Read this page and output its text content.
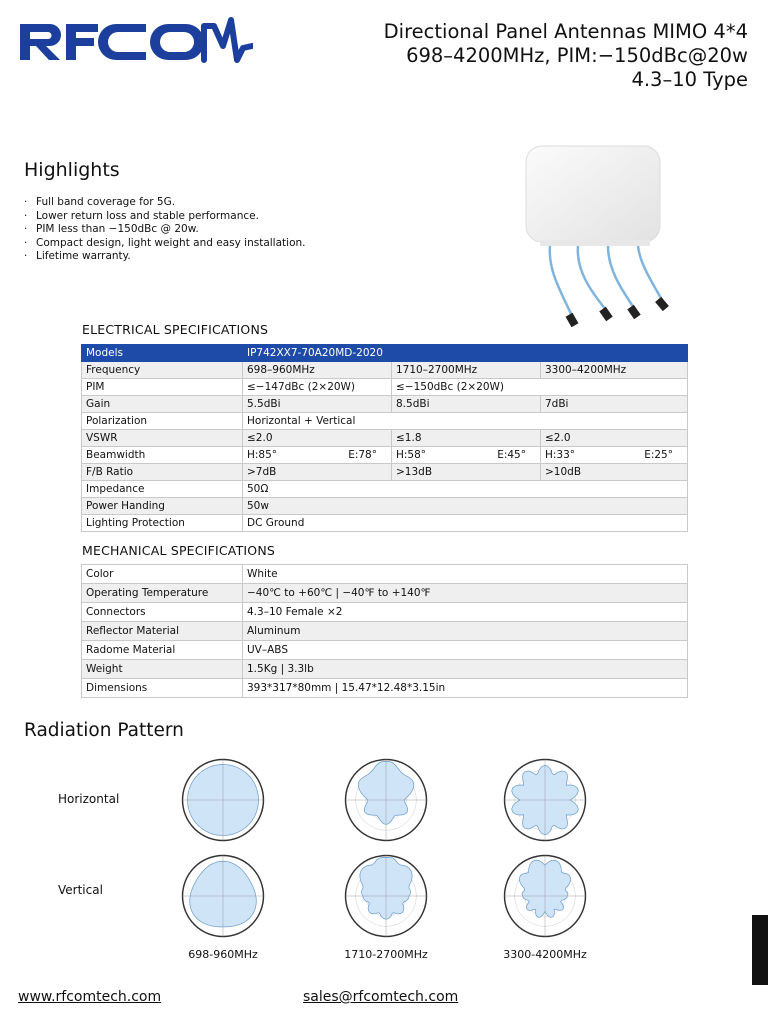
Directional Panel Antennas MIMO 4*4
698–4200MHz, PIM:−150dBc@20w
4.3–10 Type
Highlights
· Full band coverage for 5G.
· Lower return loss and stable performance.
· PIM less than −150dBc @ 20w.
· Compact design, light weight and easy installation.
· Lifetime warranty.
ELECTRICAL SPECIFICATIONS
Models	IP742XX7-70A20MD-2020		
Frequency	698–960MHz	1710–2700MHz	3300–4200MHz
PIM	≤−147dBc (2×20W)	≤−150dBc (2×20W)	
Gain	5.5dBi	8.5dBi	7dBi
Polarization	Horizontal + Vertical		
VSWR	≤2.0	≤1.8	≤2.0
Beamwidth	H:85° E:78°	H:58° E:45°	H:33° E:25°

F/B Ratio	>7dB	>13dB	>10dB
Impedance	50Ω		
Power Handing	50w		
Lighting Protection	DC Ground		
MECHANICAL SPECIFICATIONS
Color	White
Operating Temperature	−40℃ to +60℃ | −40℉ to +140℉
Connectors	4.3–10 Female ×2
Reflector Material	Aluminum
Radome Material	UV–ABS
Weight	1.5Kg | 3.3lb
Dimensions	393*317*80mm | 15.47*12.48*3.15in
Radiation Pattern
Horizontal
Vertical
698-960MHz	1710-2700MHz	3300-4200MHz
www.rfcomtech.com	sales@rfcomtech.com
